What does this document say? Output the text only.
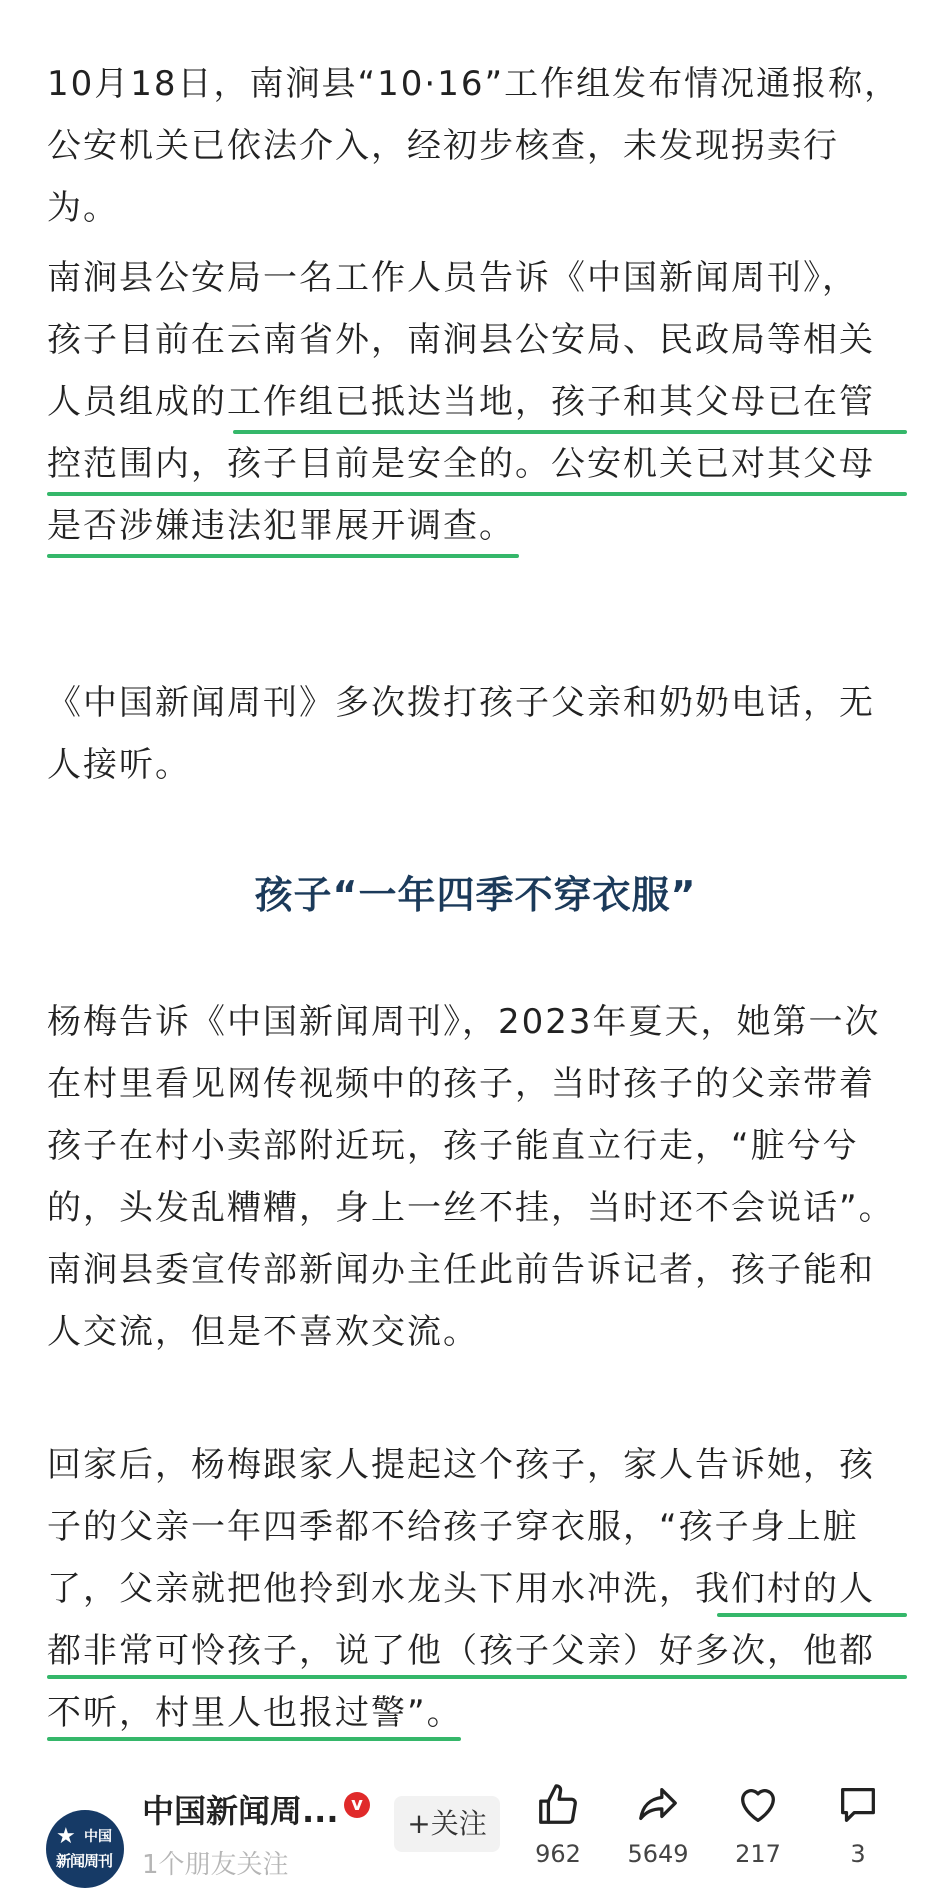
10月18日，南涧县“10·16”工作组发布情况通报称，
公安机关已依法介入，经初步核查，未发现拐卖行
为。
南涧县公安局一名工作人员告诉《中国新闻周刊》，
孩子目前在云南省外，南涧县公安局、民政局等相关
人员组成的工作组已抵达当地，孩子和其父母已在管
控范围内，孩子目前是安全的。公安机关已对其父母
是否涉嫌违法犯罪展开调查。
《中国新闻周刊》多次拨打孩子父亲和奶奶电话，无
人接听。
孩子“一年四季不穿衣服”
杨梅告诉《中国新闻周刊》，2023年夏天，她第一次
在村里看见网传视频中的孩子，当时孩子的父亲带着
孩子在村小卖部附近玩，孩子能直立行走，“脏兮兮
的，头发乱糟糟，身上一丝不挂，当时还不会说话”。
南涧县委宣传部新闻办主任此前告诉记者，孩子能和
人交流，但是不喜欢交流。
回家后，杨梅跟家人提起这个孩子，家人告诉她，孩
子的父亲一年四季都不给孩子穿衣服，“孩子身上脏
了，父亲就把他拎到水龙头下用水冲洗，我们村的人
都非常可怜孩子，说了他（孩子父亲）好多次，他都
不听，村里人也报过警”。
★ 中国
新闻周刊
中国新闻周... v
1个朋友关注
+关注
962	5649	217	3
